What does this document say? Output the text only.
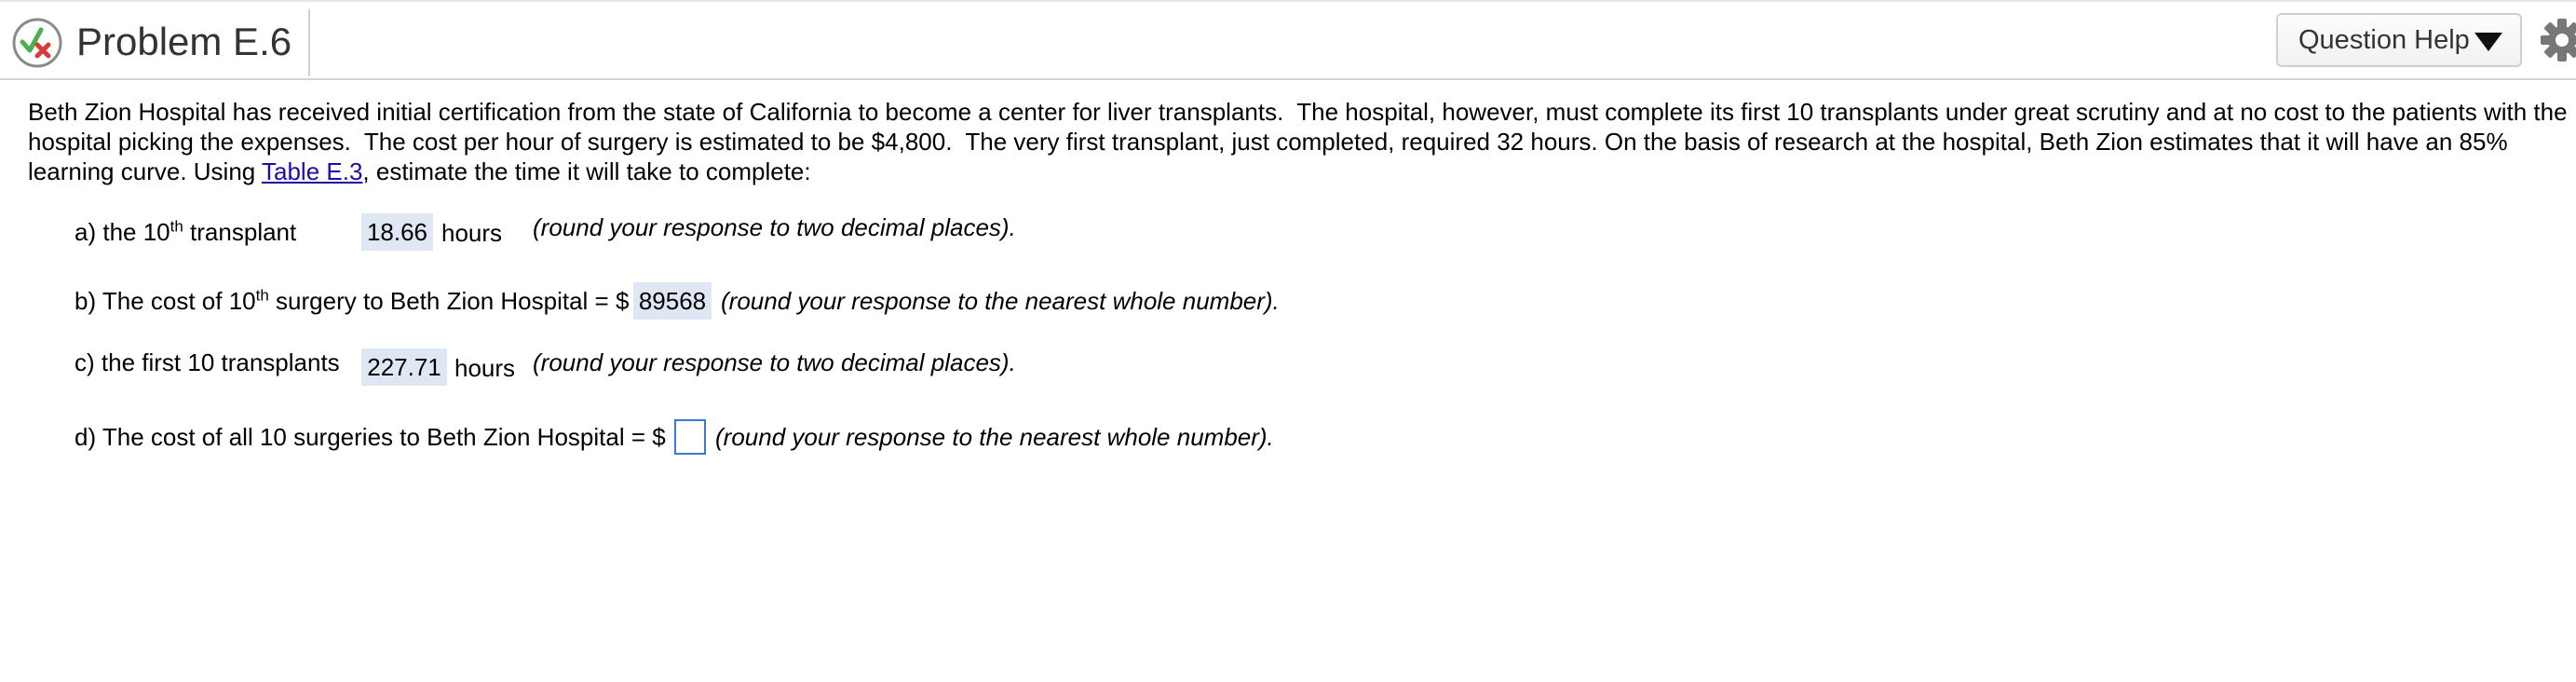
Problem E.6	Question Help
Beth Zion Hospital has received initial certification from the state of California to become a center for liver transplants.  The hospital, however, must complete its first 10 transplants under great scrutiny and at no cost to the patients with the hospital picking the expenses.  The cost per hour of surgery is estimated to be $4,800.  The very first transplant, just completed, required 32 hours. On the basis of research at the hospital, Beth Zion estimates that it will have an 85% learning curve. Using Table E.3, estimate the time it will take to complete:
a) the 10th transplant	18.66 hours (round your response to two decimal places).
b) The cost of 10th surgery to Beth Zion Hospital = $ 89568 (round your response to the nearest whole number).
c) the first 10 transplants 227.71 hours (round your response to two decimal places).
d) The cost of all 10 surgeries to Beth Zion Hospital = $ (round your response to the nearest whole number).
